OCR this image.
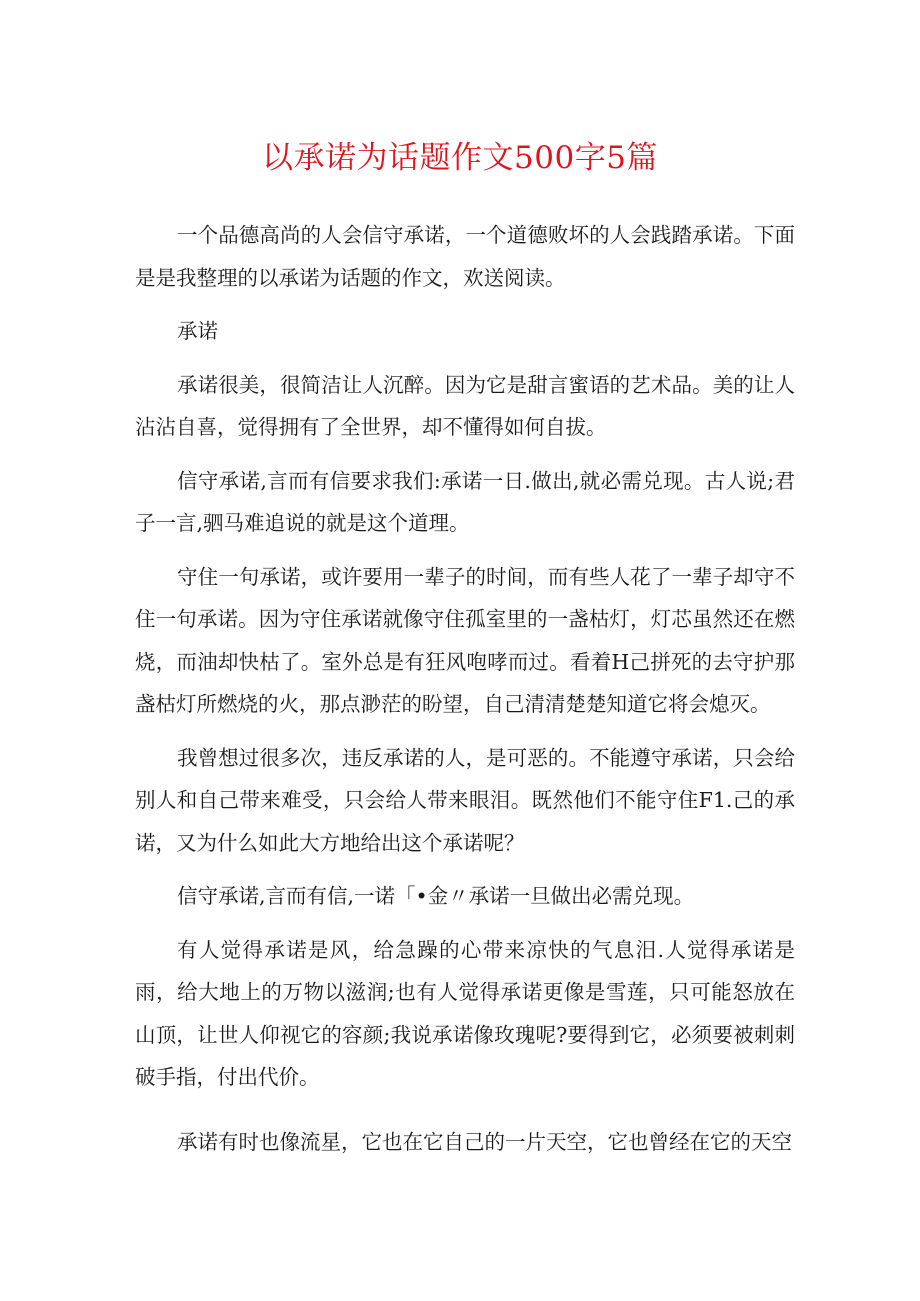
以承诺为话题作文500字5篇

一个品德高尚的人会信守承诺，一个道德败坏的人会践踏承诺。下面是是我整理的以承诺为话题的作文，欢送阅读。

承诺

承诺很美，很简洁让人沉醉。因为它是甜言蜜语的艺术品。美的让人沾沾自喜，觉得拥有了全世界，却不懂得如何自拔。

信守承诺,言而有信要求我们:承诺一日.做出,就必需兑现。古人说;君子一言,驷马难追说的就是这个道理。

守住一句承诺，或许要用一辈子的时间，而有些人花了一辈子却守不住一句承诺。因为守住承诺就像守住孤室里的一盏枯灯，灯芯虽然还在燃烧，而油却快枯了。室外总是有狂风咆哮而过。看着H己拼死的去守护那盏枯灯所燃烧的火，那点渺茫的盼望，自己清清楚楚知道它将会熄灭。

我曾想过很多次，违反承诺的人，是可恶的。不能遵守承诺，只会给别人和自己带来难受，只会给人带来眼泪。既然他们不能守住F1.己的承诺，又为什么如此大方地给出这个承诺呢？

信守承诺,言而有信,一诺「•金〃承诺一旦做出必需兑现。

有人觉得承诺是风，给急躁的心带来凉快的气息汨.人觉得承诺是雨，给大地上的万物以滋润;也有人觉得承诺更像是雪莲，只可能怒放在山顶，让世人仰视它的容颜;我说承诺像玫瑰呢?要得到它，必须要被刺刺破手指，付出代价。

承诺有时也像流星，它也在它自己的一片天空，它也曾经在它的天空
